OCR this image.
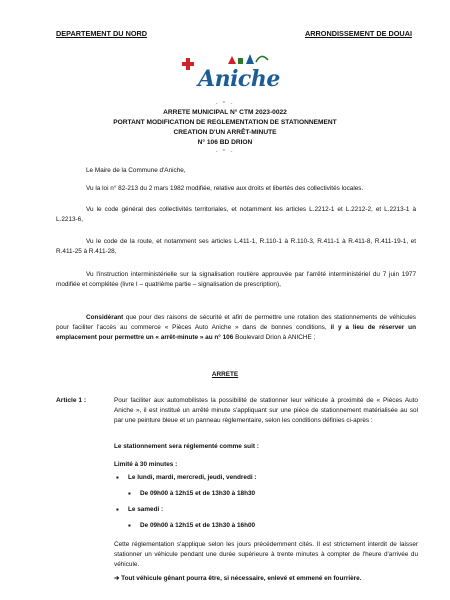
DEPARTEMENT DU NORD	ARRONDISSEMENT DE DOUAI
Aniche
- * -
ARRETE MUNICIPAL N° CTM 2023-0022
PORTANT MODIFICATION DE REGLEMENTATION DE STATIONNEMENT
CREATION D'UN ARRÊT-MINUTE
N° 106 BD DRION
- * -
Le Maire de la Commune d'Aniche,
Vu la loi n° 82-213 du 2 mars 1982 modifiée, relative aux droits et libertés des collectivités locales.
Vu le code général des collectivités territoriales, et notamment les articles L.2212-1 et L.2212-2, et L.2213-1 à L.2213-6,
Vu le code de la route, et notamment ses articles L.411-1, R.110-1 à R.110-3, R.411-1 à R.411-8, R.411-19-1, et R.411-25 à R.411-28,
Vu l'instruction interministérielle sur la signalisation routière approuvée par l'arrêté interministériel du 7 juin 1977 modifiée et complétée (livre I – quatrième partie – signalisation de prescription),
Considérant que pour des raisons de sécurité et afin de permettre une rotation des stationnements de véhicules pour faciliter l'accès au commerce « Pièces Auto Aniche » dans de bonnes conditions, il y a lieu de réserver un emplacement pour permettre un « arrêt-minute » au n° 106 Boulevard Drion à ANICHE ;
ARRETE
Article 1 :	Pour faciliter aux automobilistes la possibilité de stationner leur véhicule à proximité de « Pièces Auto Aniche », il est institué un arrêté minute s'appliquant sur une pièce de stationnement matérialisée au sol par une peinture bleue et un panneau réglementaire, selon les conditions définies ci-après :
Le stationnement sera réglementé comme suit :
Limité à 30 minutes :
▪ Le lundi, mardi, mercredi, jeudi, vendredi :
▪ De 09h00 à 12h15 et de 13h30 à 18h30
▪ Le samedi :
▪ De 09h00 à 12h15 et de 13h30 à 16h00
Cette réglementation s'applique selon les jours précédemment cités. Il est strictement interdit de laisser stationner un véhicule pendant une durée supérieure à trente minutes à compter de l'heure d'arrivée du véhicule.
➔ Tout véhicule gênant pourra être, si nécessaire, enlevé et emmené en fourrière.
